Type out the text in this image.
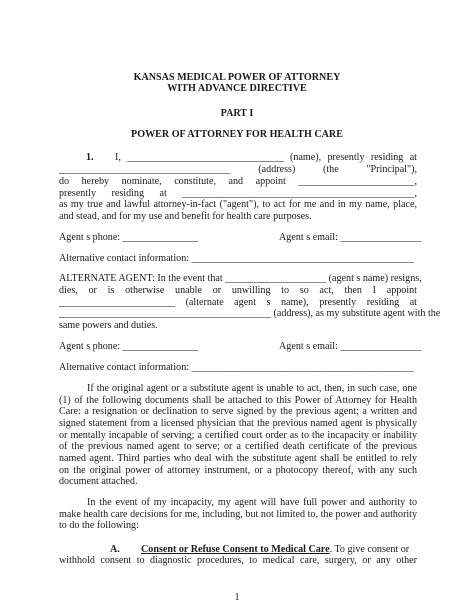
KANSAS MEDICAL POWER OF ATTORNEY
WITH ADVANCE DIRECTIVE
PART I
POWER OF ATTORNEY FOR HEALTH CARE
1. I, _______________________________ (name), presently residing at
__________________________________ (address) (the "Principal"),
do hereby nominate, constitute, and appoint _______________________,
presently residing at ______________________________________________,
as my true and lawful attorney-in-fact ("agent"), to act for me and in my name, place,
and stead, and for my use and benefit for health care purposes.
Agent s phone: _______________	Agent s email: ________________
Alternative contact information: ____________________________________________
ALTERNATE AGENT: In the event that ____________________ (agent s name) resigns,
dies, or is otherwise unable or unwilling to so act, then I appoint
_______________________ (alternate agent s name), presently residing at
__________________________________________ (address), as my substitute agent with the
same powers and duties.
Agent s phone: _______________	Agent s email: ________________
Alternative contact information: ____________________________________________
If the original agent or a substitute agent is unable to act, then, in such case, one
(1) of the following documents shall be attached to this Power of Attorney for Health
Care: a resignation or declination to serve signed by the previous agent; a written and
signed statement from a licensed physician that the previous named agent is physically
or mentally incapable of serving; a certified court order as to the incapacity or inability
of the previous named agent to serve; or a certified death certificate of the previous
named agent. Third parties who deal with the substitute agent shall be entitled to rely
on the original power of attorney instrument, or a photocopy thereof, with any such
document attached.
In the event of my incapacity, my agent will have full power and authority to
make health care decisions for me, including, but not limited to, the power and authority
to do the following:
A. Consent or Refuse Consent to Medical Care. To give consent or
withhold consent to diagnostic procedures, to medical care, surgery, or any other
1
